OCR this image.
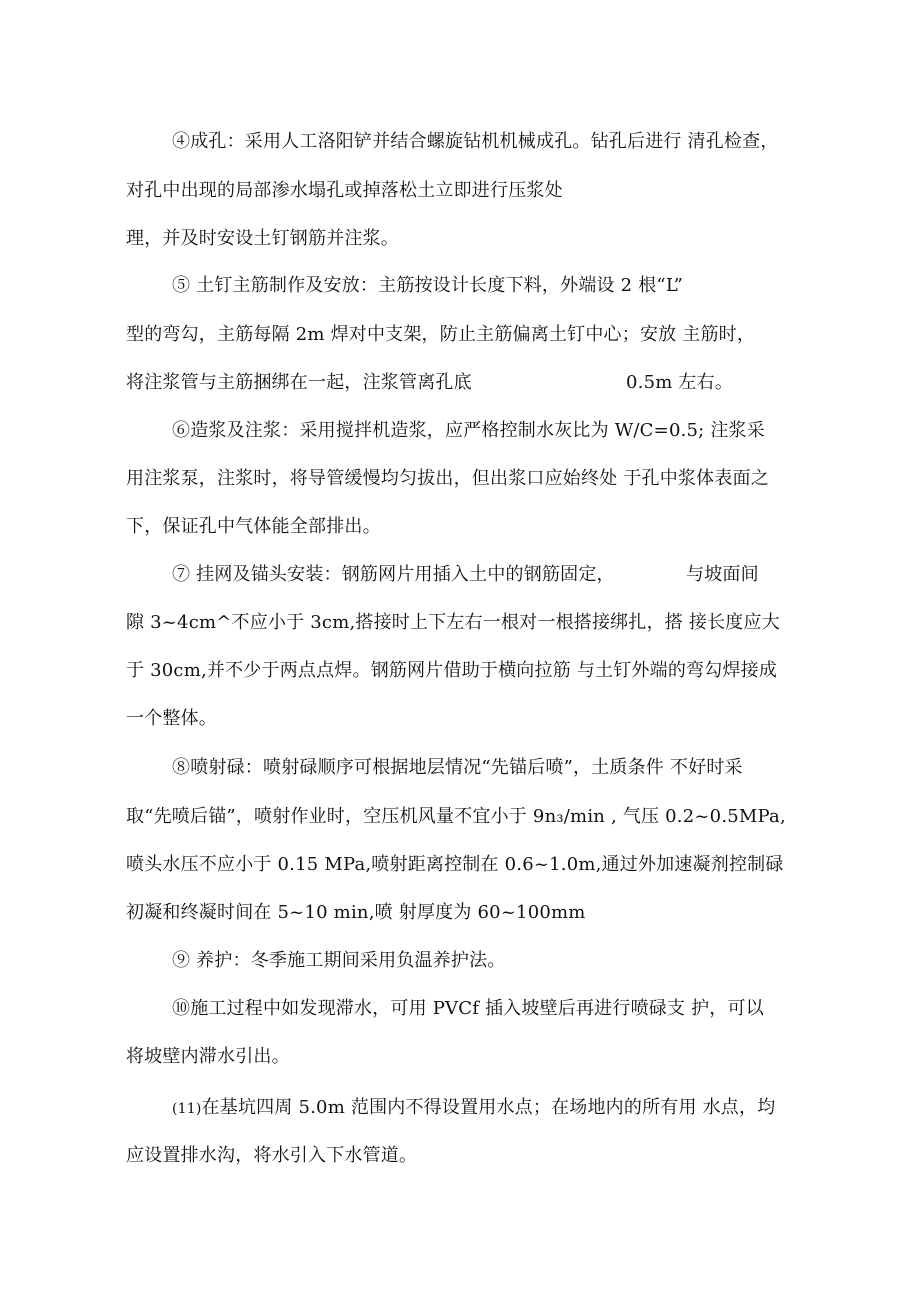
④成孔：采用人工洛阳铲并结合螺旋钻机机械成孔。钻孔后进行 清孔检查，
对孔中出现的局部渗水塌孔或掉落松土立即进行压浆处
理，并及时安设土钉钢筋并注浆。
⑤ 土钉主筋制作及安放：主筋按设计长度下料，外端设 2 根“L”
型的弯勾，主筋每隔 2m 焊对中支架，防止主筋偏离土钉中心；安放 主筋时，
将注浆管与主筋捆绑在一起，注浆管离孔底	0.5m 左右。
⑥造浆及注浆：采用搅拌机造浆，应严格控制水灰比为 W/C=0.5; 注浆采
用注浆泵，注浆时，将导管缓慢均匀拔出，但出浆口应始终处 于孔中浆体表面之
下，保证孔中气体能全部排出。
⑦ 挂网及锚头安装：钢筋网片用插入土中的钢筋固定，	与坡面间
隙 3~4cm^不应小于 3cm,搭接时上下左右一根对一根搭接绑扎，搭 接长度应大
于 30cm,并不少于两点点焊。钢筋网片借助于横向拉筋 与土钉外端的弯勾焊接成
一个整体。
⑧喷射碌：喷射碌顺序可根据地层情况“先锚后喷”，土质条件 不好时采
取“先喷后锚”，喷射作业时，空压机风量不宜小于 9n₃/min , 气压 0.2~0.5MPa,
喷头水压不应小于 0.15 MPa,喷射距离控制在 0.6~1.0m,通过外加速凝剂控制碌
初凝和终凝时间在 5~10 min,喷 射厚度为 60~100mm
⑨ 养护：冬季施工期间采用负温养护法。
⑩施工过程中如发现滞水，可用 PVCf 插入坡壁后再进行喷碌支 护，可以
将坡壁内滞水引出。
(11)在基坑四周 5.0m 范围内不得设置用水点；在场地内的所有用 水点，均
应设置排水沟，将水引入下水管道。
